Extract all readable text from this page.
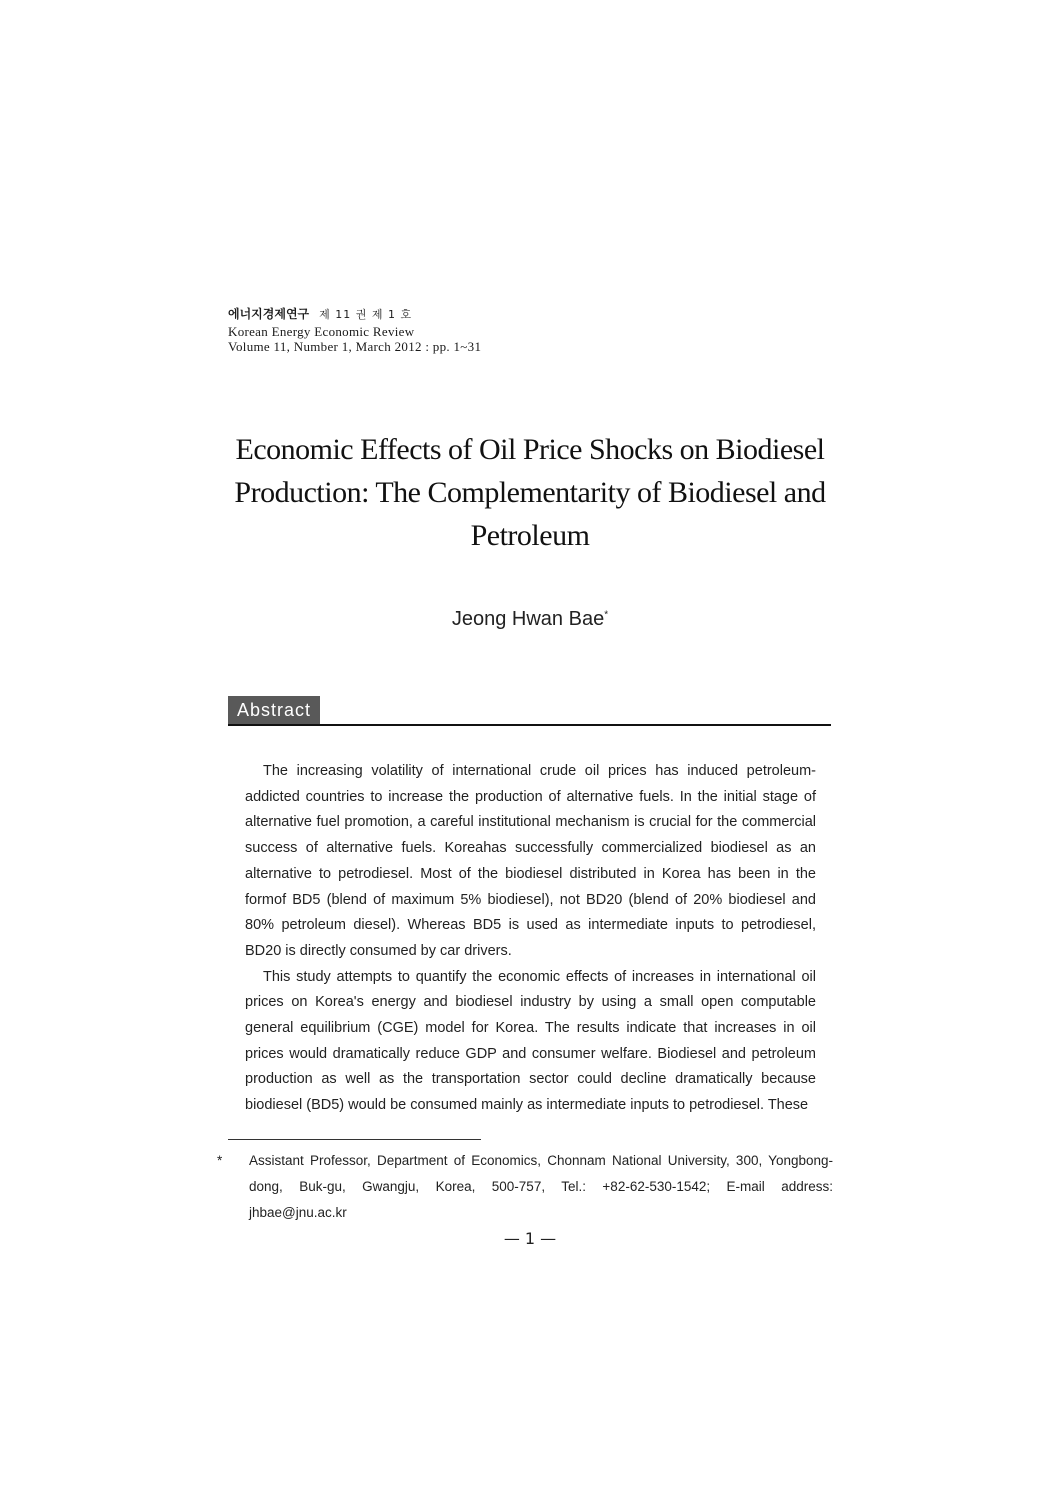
에너지경제연구 제 11 권 제 1 호
Korean Energy Economic Review
Volume 11, Number 1, March 2012 : pp. 1~31
Economic Effects of Oil Price Shocks on Biodiesel
Production: The Complementarity of Biodiesel and
Petroleum
Jeong Hwan Bae*
Abstract

The increasing volatility of international crude oil prices has induced petroleum-addicted countries to increase the production of alternative fuels. In the initial stage of alternative fuel promotion, a careful institutional mechanism is crucial for the commercial success of alternative fuels. Koreahas successfully commercialized biodiesel as an alternative to petrodiesel. Most of the biodiesel distributed in Korea has been in the formof BD5 (blend of maximum 5% biodiesel), not BD20 (blend of 20% biodiesel and 80% petroleum diesel). Whereas BD5 is used as intermediate inputs to petrodiesel, BD20 is directly consumed by car drivers.

This study attempts to quantify the economic effects of increases in international oil prices on Korea's energy and biodiesel industry by using a small open computable general equilibrium (CGE) model for Korea. The results indicate that increases in oil prices would dramatically reduce GDP and consumer welfare. Biodiesel and petroleum production as well as the transportation sector could decline dramatically because biodiesel (BD5) would be consumed mainly as intermediate inputs to petrodiesel. These

* Assistant Professor, Department of Economics, Chonnam National University, 300, Yongbong-dong, Buk-gu, Gwangju, Korea, 500-757, Tel.: +82-62-530-1542; E-mail address: jhbae@jnu.ac.kr
— 1 —
